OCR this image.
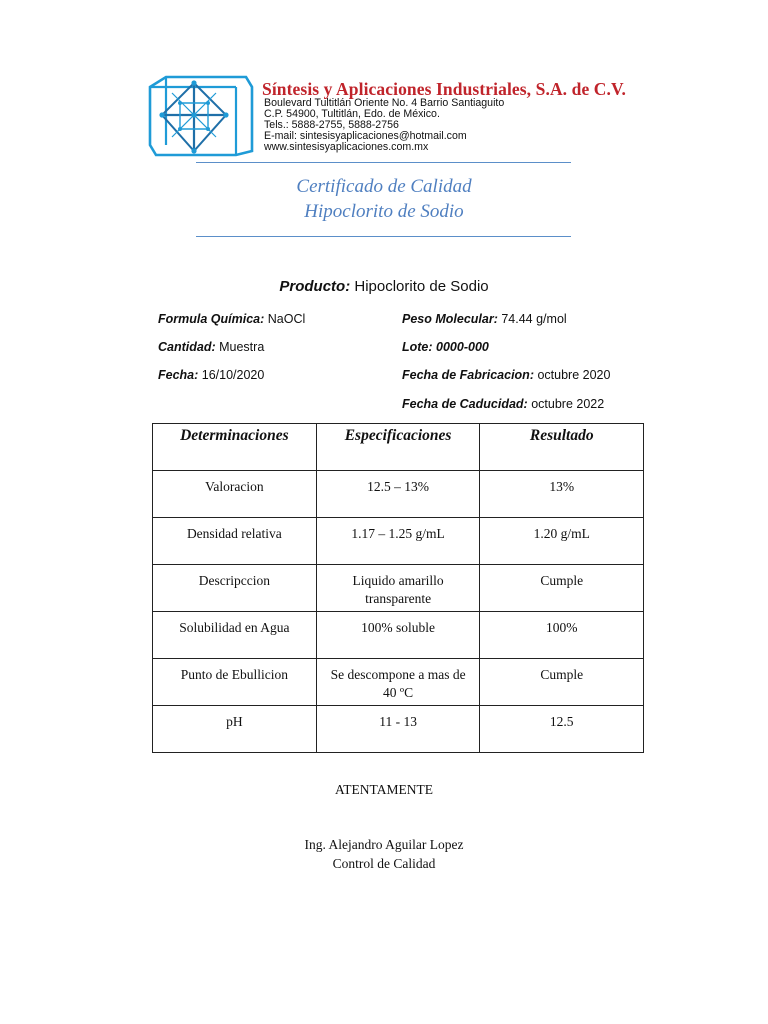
Síntesis y Aplicaciones Industriales, S.A. de C.V.
Boulevard Tultitlán Oriente No. 4 Barrio Santiaguito
C.P. 54900, Tultitlán, Edo. de México.
Tels.: 5888-2755, 5888-2756
E-mail: sintesisyaplicaciones@hotmail.com
www.sintesisyaplicaciones.com.mx
Certificado de Calidad
Hipoclorito de Sodio
Producto: Hipoclorito de Sodio
Formula Química: NaOCl	Peso Molecular: 74.44 g/mol
Cantidad: Muestra	Lote: 0000-000
Fecha: 16/10/2020	Fecha de Fabricacion: octubre 2020
Fecha de Caducidad: octubre 2022
Determinaciones	Especificaciones	Resultado
Valoracion	12.5 – 13%	13%
Densidad relativa	1.17 – 1.25 g/mL	1.20 g/mL
Descripccion	Liquido amarillo transparente	Cumple
Solubilidad en Agua	100% soluble	100%
Punto de Ebullicion	Se descompone a mas de 40 ºC	Cumple
pH	11 - 13	12.5
ATENTAMENTE
Ing. Alejandro Aguilar Lopez
Control de Calidad
